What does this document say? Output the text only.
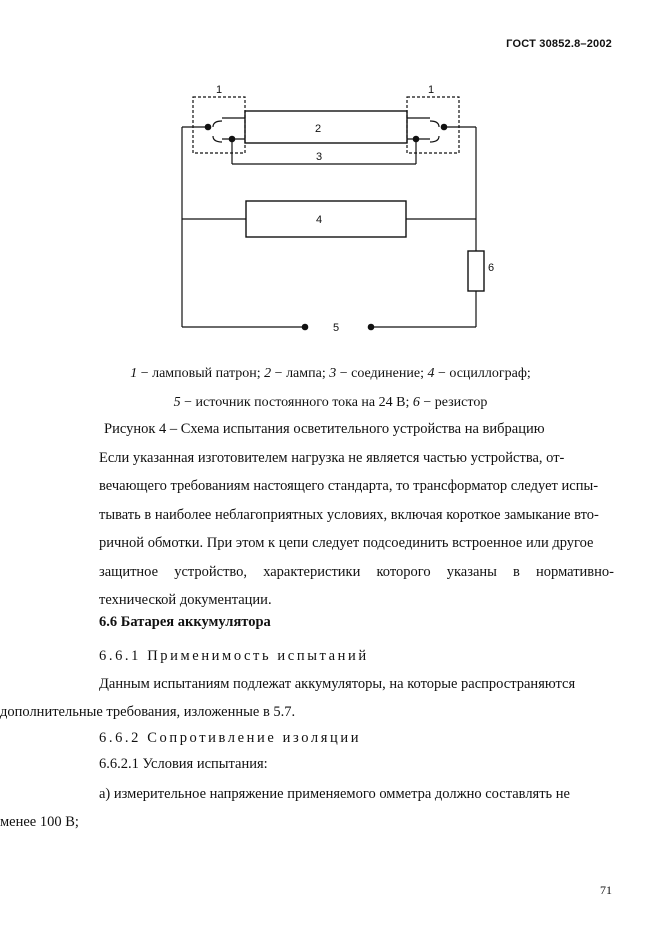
ГОСТ 30852.8–2002
1	1
2
3
4
5
6
1 − ламповый патрон; 2 − лампа; 3 − соединение; 4 − осциллограф;
5 − источник постоянного тока на 24 В; 6 − резистор
Рисунок 4 – Схема испытания осветительного устройства на вибрацию
Если указанная изготовителем нагрузка не является частью устройства, от-
вечающего требованиям настоящего стандарта, то трансформатор следует испы-
тывать в наиболее неблагоприятных условиях, включая короткое замыкание вто-
ричной обмотки. При этом к цепи следует подсоединить встроенное или другое
защитное устройство, характеристики которого указаны в нормативно-
технической документации.
6.6 Батарея аккумулятора
6.6.1 Применимость испытаний
Данным испытаниям подлежат аккумуляторы, на которые распространяются
дополнительные требования, изложенные в 5.7.
6.6.2 Сопротивление изоляции
6.6.2.1 Условия испытания:
а) измерительное напряжение применяемого омметра должно составлять не
менее 100 В;
71
